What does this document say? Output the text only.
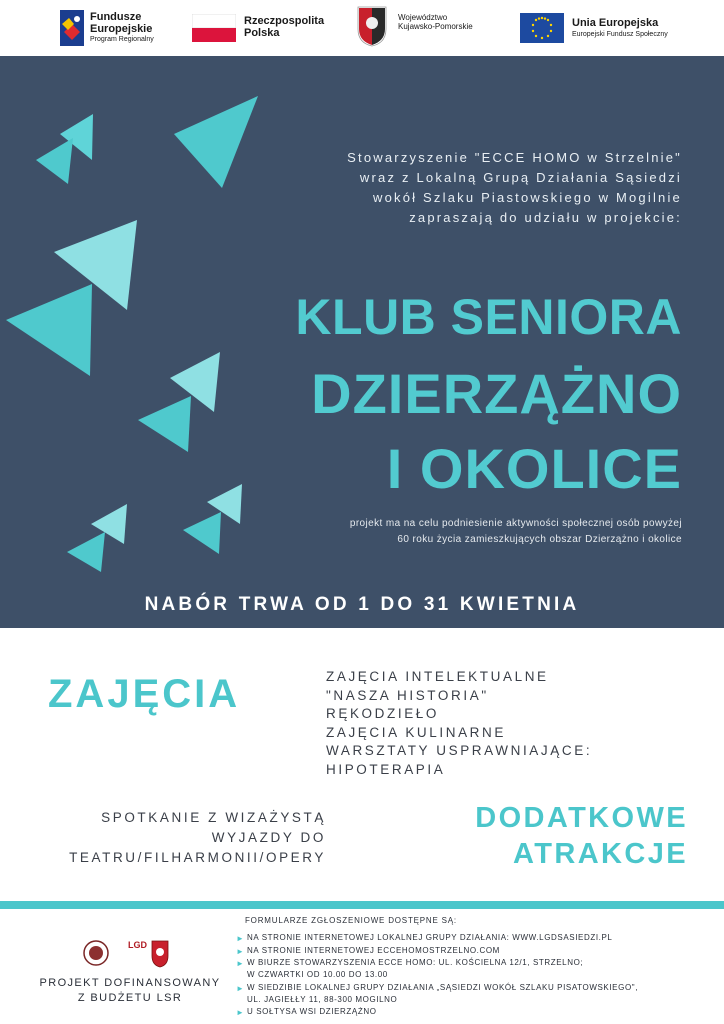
Fundusze
Europejskie
Program Regionalny
Rzeczpospolita
Polska
Województwo
Kujawsko-Pomorskie	Unia Europejska
Europejski Fundusz Społeczny
Stowarzyszenie "ECCE HOMO w Strzelnie"
wraz z Lokalną Grupą Działania Sąsiedzi
wokół Szlaku Piastowskiego w Mogilnie
zapraszają do udziału w projekcie:
KLUB SENIORA
DZIERZĄŻNO
I OKOLICE
projekt ma na celu podniesienie aktywności społecznej osób powyżej
60 roku życia zamieszkujących obszar Dzierzążno i okolice
NABÓR TRWA OD 1 DO 31 KWIETNIA
ZAJĘCIA	ZAJĘCIA INTELEKTUALNE
"NASZA HISTORIA"
RĘKODZIEŁO
ZAJĘCIA KULINARNE
WARSZTATY USPRAWNIAJĄCE:
HIPOTERAPIA
SPOTKANIE Z WIZAŻYSTĄ
WYJAZDY DO
TEATRU/FILHARMONII/OPERY
DODATKOWE
ATRAKCJE
LGD
PROJEKT DOFINANSOWANY
Z BUDŻETU LSR
FORMULARZE ZGŁOSZENIOWE DOSTĘPNE SĄ:
► NA STRONIE INTERNETOWEJ LOKALNEJ GRUPY DZIAŁANIA: WWW.LGDSASIEDZI.PL
► NA STRONIE INTERNETOWEJ ECCEHOMOSTRZELNO.COM
► W BIURZE STOWARZYSZENIA ECCE HOMO: UL. KOŚCIELNA 12/1, STRZELNO;
W CZWARTKI OD 10.00 DO 13.00
► W SIEDZIBIE LOKALNEJ GRUPY DZIAŁANIA „SĄSIEDZI WOKÓŁ SZLAKU PISATOWSKIEGO",
UL. JAGIEŁŁY 11, 88-300 MOGILNO
► U SOŁTYSA WSI DZIERZĄŻNO
